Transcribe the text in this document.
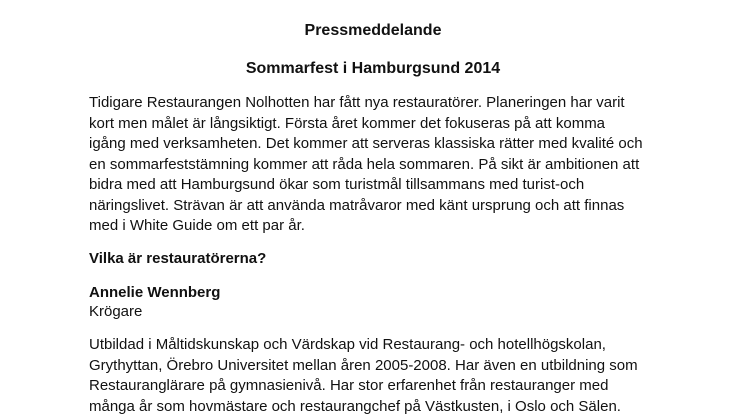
Pressmeddelande
Sommarfest i Hamburgsund 2014

Tidigare Restaurangen Nolhotten har fått nya restauratörer. Planeringen har varit
kort men målet är långsiktigt. Första året kommer det fokuseras på att komma
igång med verksamheten. Det kommer att serveras klassiska rätter med kvalité och
en sommarfeststämning kommer att råda hela sommaren. På sikt är ambitionen att
bidra med att Hamburgsund ökar som turistmål tillsammans med turist-och
näringslivet. Strävan är att använda matråvaror med känt ursprung och att finnas
med i White Guide om ett par år.

Vilka är restauratörerna?
Annelie Wennberg
Krögare

Utbildad i Måltidskunskap och Värdskap vid Restaurang- och hotellhögskolan,
Grythyttan, Örebro Universitet mellan åren 2005-2008. Har även en utbildning som
Restauranglärare på gymnasienivå. Har stor erfarenhet från restauranger med
många år som hovmästare och restaurangchef på Västkusten, i Oslo och Sälen.
